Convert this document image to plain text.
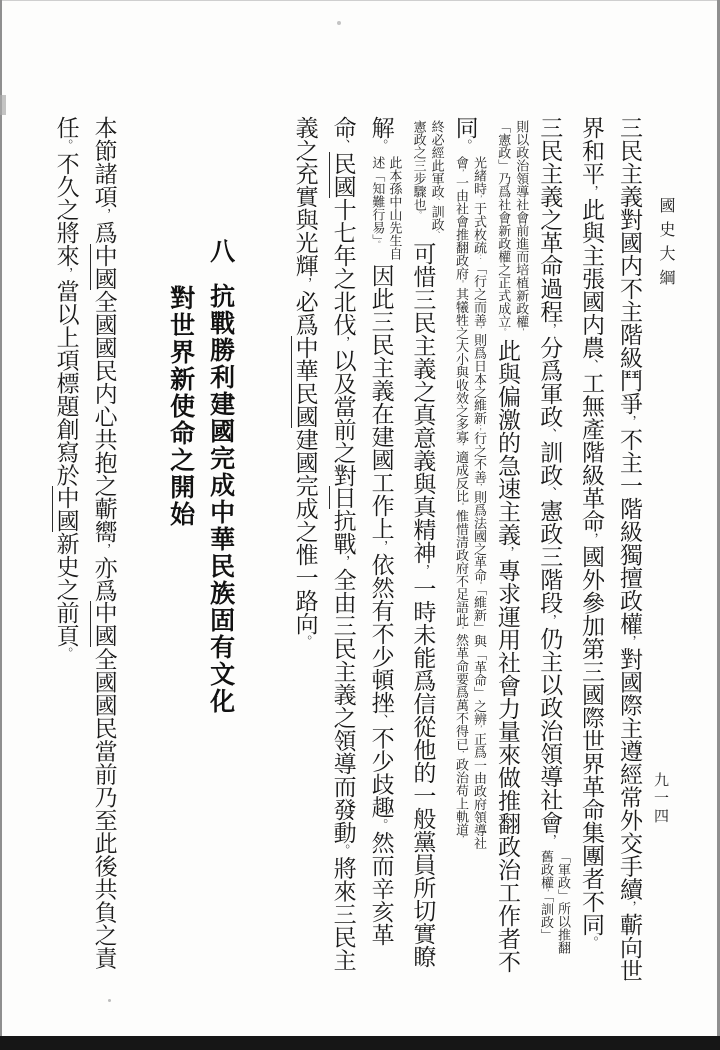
國史大綱
九一四
三民主義對國内不主階級鬥爭，不主一階級獨擅政權，對國際主遵經常外交手續，蘄向世
界和平，此與主張國内農、工無產階級革命，國外參加第三國際世界革命集團者不同。
三民主義之革命過程，分爲軍政、訓政、憲政三階段，仍主以政治領導社會，
「軍政」所以推翻
舊政權，「訓政」
則以政治領導社會前進而培植新政權，
「憲政」乃爲社會新政權之正式成立。
此與偏激的急速主義，專求運用社會力量來做推翻政治工作者不
同。
光緒時，于式枚疏：「行之而善，則爲日本之維新；行之不善，則爲法國之革命。「維新」與「革命」之辨，正爲一由政府領導社
會，一由社會推翻政府。其犧牲之大小與收效之多寡，適成反比。惟惜清政府不足語此。然革命要爲萬不得已，政治苟上軌道，
終必經此軍政、訓政、
憲政之三步驟也。
可惜三民主義之真意義與真精神，一時未能爲信從他的一般黨員所切實瞭
解。
此本孫中山先生自
述「知難行易」。
因此三民主義在建國工作上，依然有不少頓挫、不少歧趣。然而辛亥革
命、民國十七年之北伐，以及當前之對日抗戰，全由三民主義之領導而發動。將來三民主
義之充實與光輝，必爲中華民國建國完成之惟一路向。
八抗戰勝利建國完成中華民族固有文化
對世界新使命之開始
本節諸項，爲中國全國國民内心共抱之蘄嚮，亦爲中國全國國民當前乃至此後共負之責
任。不久之將來，當以上項標題創寫於中國新史之前頁。
